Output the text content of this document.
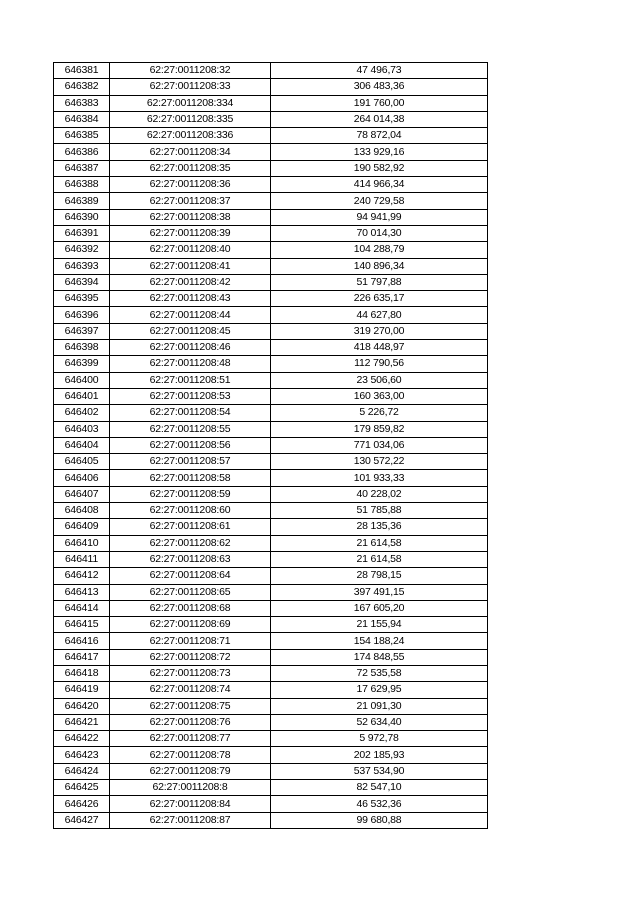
646381	62:27:0011208:32	47 496,73
646382	62:27:0011208:33	306 483,36
646383	62:27:0011208:334	191 760,00
646384	62:27:0011208:335	264 014,38
646385	62:27:0011208:336	78 872,04
646386	62:27:0011208:34	133 929,16
646387	62:27:0011208:35	190 582,92
646388	62:27:0011208:36	414 966,34
646389	62:27:0011208:37	240 729,58
646390	62:27:0011208:38	94 941,99
646391	62:27:0011208:39	70 014,30
646392	62:27:0011208:40	104 288,79
646393	62:27:0011208:41	140 896,34
646394	62:27:0011208:42	51 797,88
646395	62:27:0011208:43	226 635,17
646396	62:27:0011208:44	44 627,80
646397	62:27:0011208:45	319 270,00
646398	62:27:0011208:46	418 448,97
646399	62:27:0011208:48	112 790,56
646400	62:27:0011208:51	23 506,60
646401	62:27:0011208:53	160 363,00
646402	62:27:0011208:54	5 226,72
646403	62:27:0011208:55	179 859,82
646404	62:27:0011208:56	771 034,06
646405	62:27:0011208:57	130 572,22
646406	62:27:0011208:58	101 933,33
646407	62:27:0011208:59	40 228,02
646408	62:27:0011208:60	51 785,88
646409	62:27:0011208:61	28 135,36
646410	62:27:0011208:62	21 614,58
646411	62:27:0011208:63	21 614,58
646412	62:27:0011208:64	28 798,15
646413	62:27:0011208:65	397 491,15
646414	62:27:0011208:68	167 605,20
646415	62:27:0011208:69	21 155,94
646416	62:27:0011208:71	154 188,24
646417	62:27:0011208:72	174 848,55
646418	62:27:0011208:73	72 535,58
646419	62:27:0011208:74	17 629,95
646420	62:27:0011208:75	21 091,30
646421	62:27:0011208:76	52 634,40
646422	62:27:0011208:77	5 972,78
646423	62:27:0011208:78	202 185,93
646424	62:27:0011208:79	537 534,90
646425	62:27:0011208:8	82 547,10
646426	62:27:0011208:84	46 532,36
646427	62:27:0011208:87	99 680,88
